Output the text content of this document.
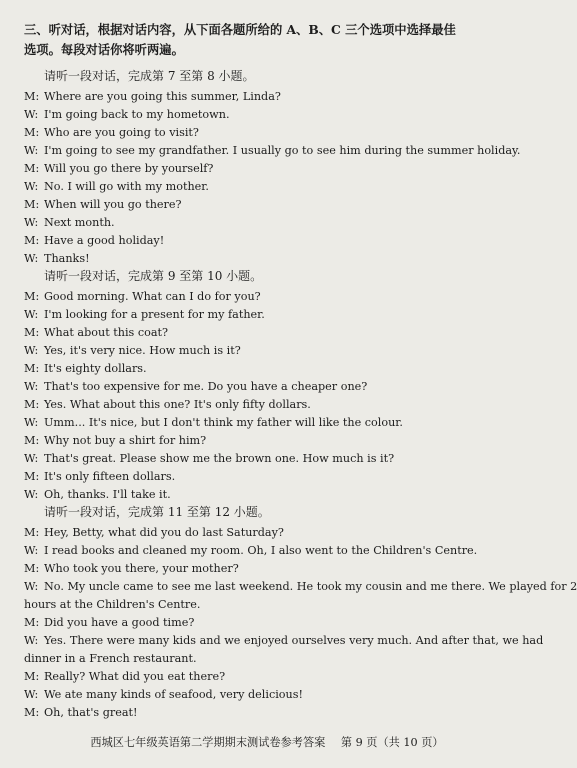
三、听对话，根据对话内容，从下面各题所给的 A、B、C 三个选项中选择最佳选项。每段对话你将听两遍。
请听一段对话，完成第 7 至第 8 小题。
M: Where are you going this summer, Linda?
W: I'm going back to my hometown.
M: Who are you going to visit?
W: I'm going to see my grandfather. I usually go to see him during the summer holiday.
M: Will you go there by yourself?
W: No. I will go with my mother.
M: When will you go there?
W: Next month.
M: Have a good holiday!
W: Thanks!
请听一段对话，完成第 9 至第 10 小题。
M: Good morning. What can I do for you?
W: I'm looking for a present for my father.
M: What about this coat?
W: Yes, it's very nice. How much is it?
M: It's eighty dollars.
W: That's too expensive for me. Do you have a cheaper one?
M: Yes. What about this one? It's only fifty dollars.
W: Umm... It's nice, but I don't think my father will like the colour.
M: Why not buy a shirt for him?
W: That's great. Please show me the brown one. How much is it?
M: It's only fifteen dollars.
W: Oh, thanks. I'll take it.
请听一段对话，完成第 11 至第 12 小题。
M: Hey, Betty, what did you do last Saturday?
W: I read books and cleaned my room. Oh, I also went to the Children's Centre.
M: Who took you there, your mother?
W: No. My uncle came to see me last weekend. He took my cousin and me there. We played for 2
hours at the Children's Centre.
M: Did you have a good time?
W: Yes. There were many kids and we enjoyed ourselves very much. And after that, we had
dinner in a French restaurant.
M: Really? What did you eat there?
W: We ate many kinds of seafood, very delicious!
M: Oh, that's great!
西城区七年级英语第二学期期末测试卷参考答案 第 9 页（共 10 页）
